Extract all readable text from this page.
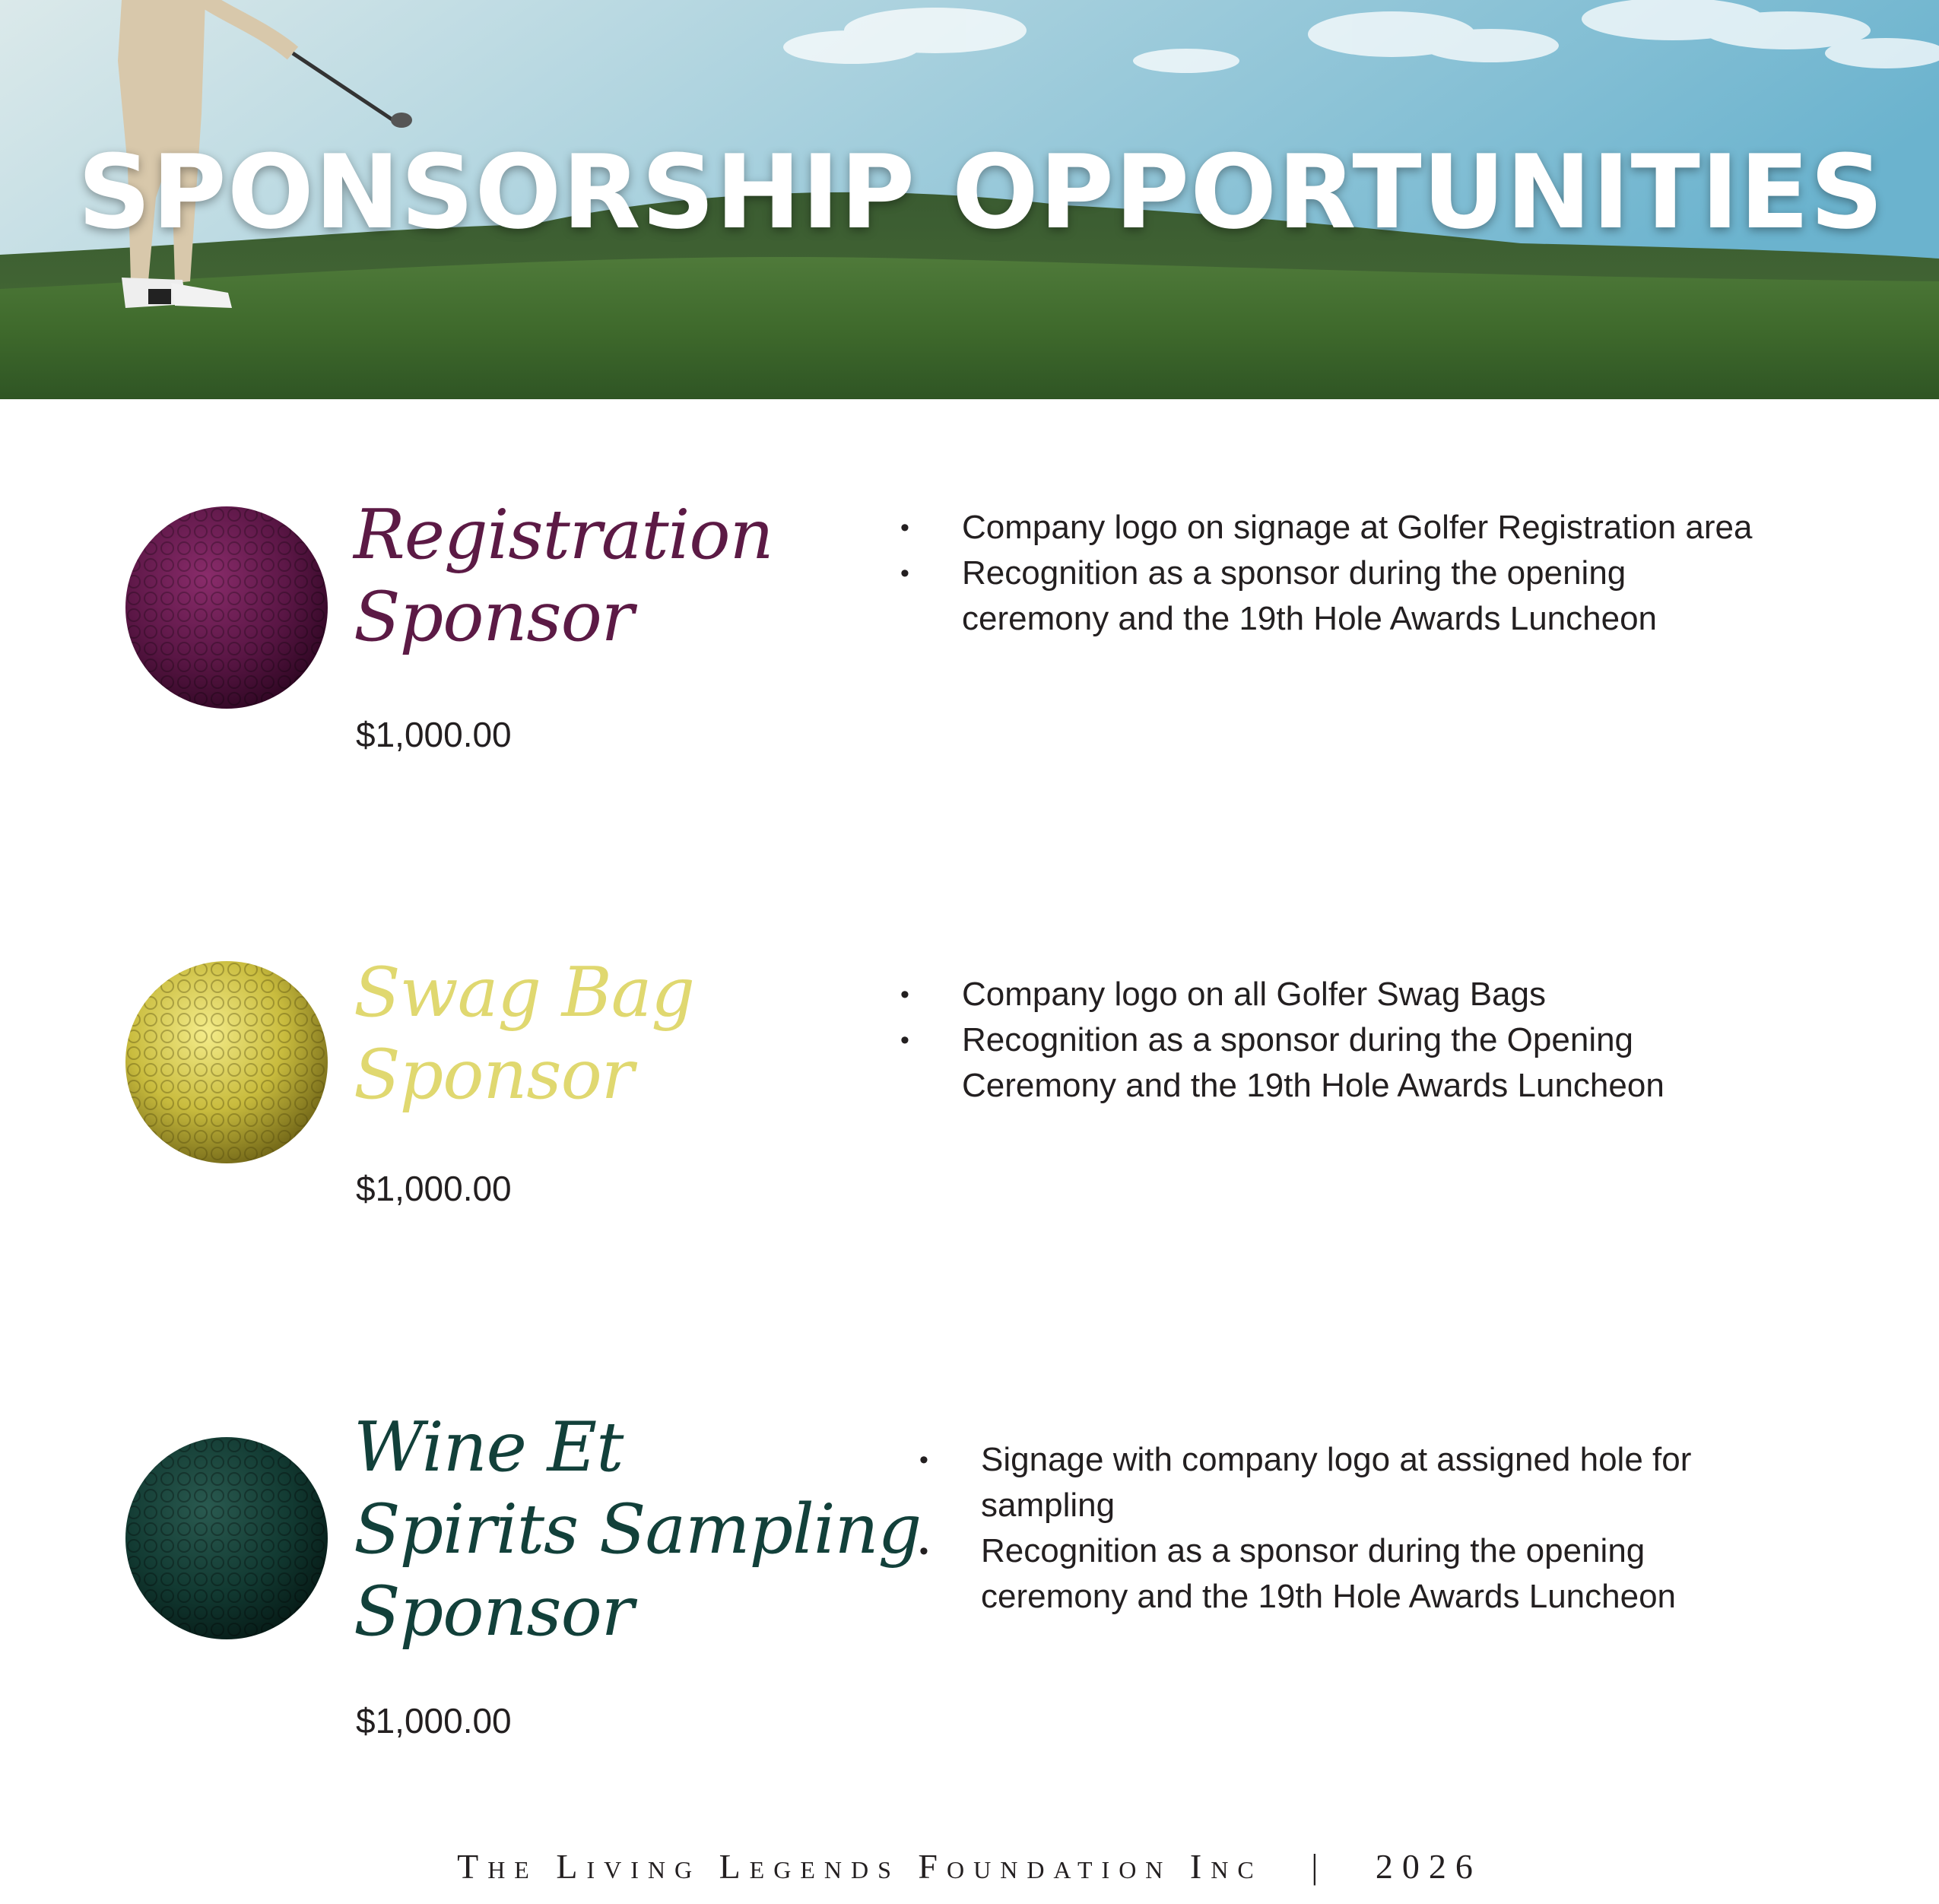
SPONSORSHIP OPPORTUNITIES
Registration
Sponsor
$1,000.00
• Company logo on signage at Golfer Registration area
• Recognition as a sponsor during the opening ceremony and the 19th Hole Awards Luncheon
Swag Bag
Sponsor
$1,000.00
• Company logo on all Golfer Swag Bags
• Recognition as a sponsor during the Opening Ceremony and the 19th Hole Awards Luncheon
Wine Et
Spirits Sampling
Sponsor
$1,000.00
• Signage with company logo at assigned hole for sampling
• Recognition as a sponsor during the opening ceremony and the 19th Hole Awards Luncheon
The Living Legends Foundation Inc | 2026
